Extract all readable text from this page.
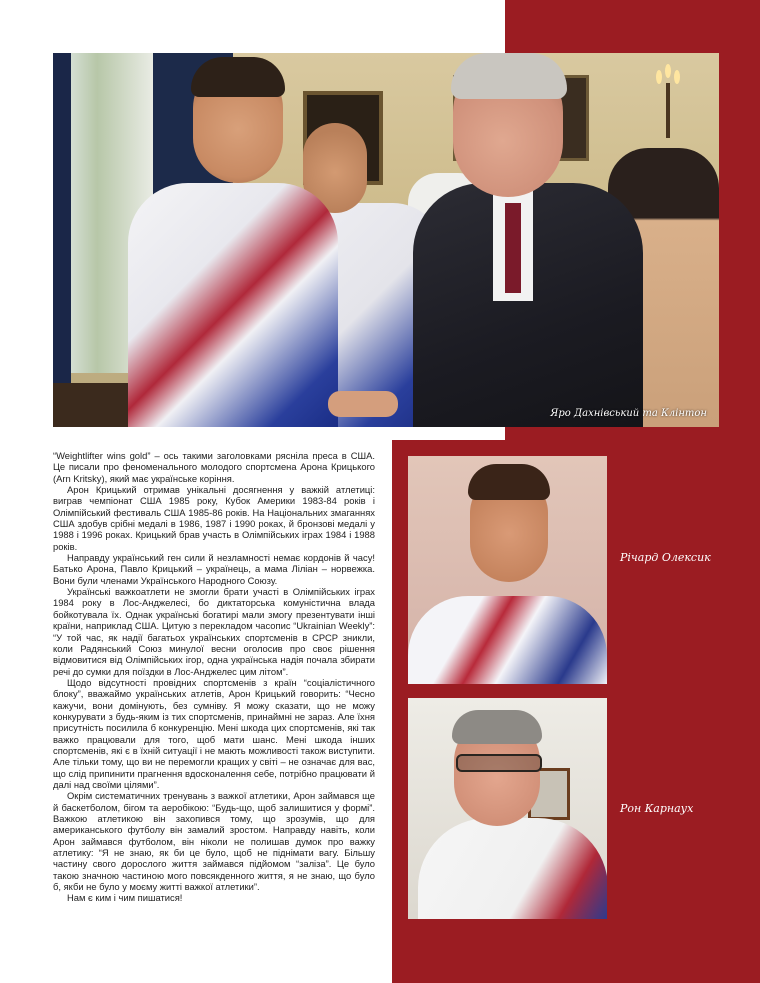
Яро Дахнівський та Клінтон

“Weightlifter wins gold” – ось такими заголовками рясніла преса в США. Це писали про феноменального молодого спортсмена Арона Крицького (Arn Kritsky), який має українське коріння.

Арон Крицький отримав унікальні досягнення у важкій атлетиці: виграв чемпіонат США 1985 року, Кубок Америки 1983-84 років і Олімпійський фестиваль США 1985-86 років. На Національних змаганнях США здобув срібні медалі в 1986, 1987 і 1990 роках, й бронзові медалі у 1988 і 1996 роках. Крицький брав участь в Олімпійських іграх 1984 і 1988 років.

Направду український ген сили й незламності немає кордонів й часу! Батько Арона, Павло Крицький – українець, а мама Ліліан – норвежка. Вони були членами Українського Народного Союзу.

Українські важкоатлети не змогли брати участі в Олімпійських іграх 1984 року в Лос-Анджелесі, бо диктаторська комуністична влада бойкотувала їх. Однак українські богатирі мали змогу презентувати інші країни, наприклад США. Цитую з перекладом часопис “Ukrainian Weekly”: “У той час, як надії багатьох українських спортсменів в СРСР зникли, коли Радянський Союз минулої весни оголосив про своє рішення відмовитися від Олімпійських ігор, одна українська надія почала збирати речі до сумки для поїздки в Лос-Анджелес цим літом”.

Щодо відсутності провідних спортсменів з країн “соціалістичного блоку”, вважаймо українських атлетів, Арон Крицький говорить: “Чесно кажучи, вони домінують, без сумніву. Я можу сказати, що не можу конкурувати з будь-яким із тих спортсменів, принаймні не зараз. Але їхня присутність посилила б конкуренцію. Мені шкода цих спортсменів, які так важко працювали для того, щоб мати шанс. Мені шкода інших спортсменів, які є в їхній ситуації і не мають можливості також виступити. Але тільки тому, що ви не перемогли кращих у світі – не означає для вас, що слід припинити прагнення вдосконалення себе, потрібно працювати й далі над своїми цілями”.

Окрім систематичних тренувань з важкої атлетики, Арон займався ще й баскетболом, бігом та аеробікою: “Будь-що, щоб залишитися у формі”. Важкою атлетикою він захопився тому, що зрозумів, що для американського футболу він замалий зростом. Направду навіть, коли Арон займався футболом, він ніколи не полишав думок про важку атлетику: “Я не знаю, як би це було, щоб не піднімати вагу. Більшу частину свого дорослого життя займався підйомом “заліза”. Це було такою значною частиною мого повсякденного життя, я не знаю, що було б, якби не було у моєму житті важкої атлетики”.

Нам є ким і чим пишатися!

Річард Олексик
Рон Карнаух
